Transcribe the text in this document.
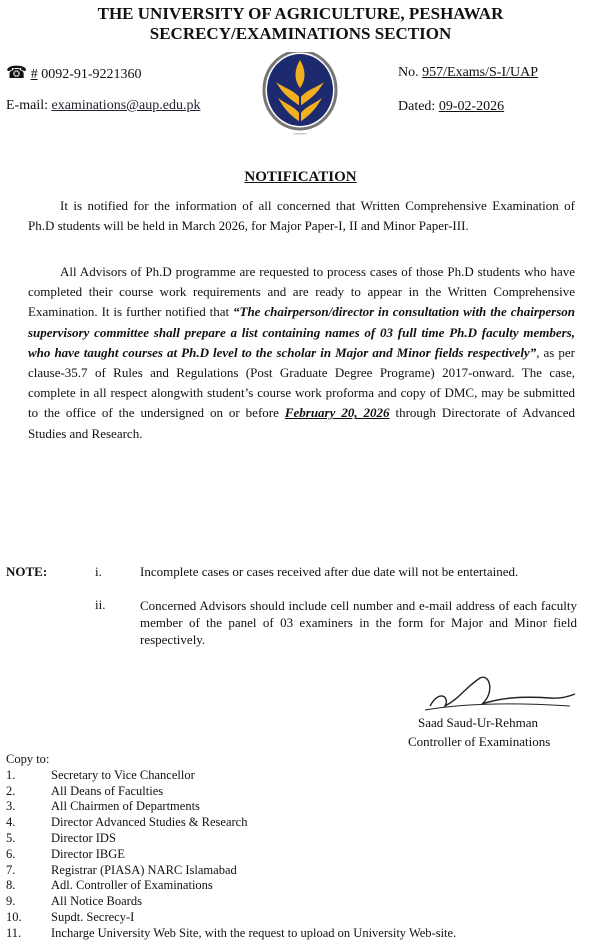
THE UNIVERSITY OF AGRICULTURE, PESHAWAR
SECRECY/EXAMINATIONS SECTION
☎ # 0092-91-9221360
E-mail: examinations@aup.edu.pk
~~~~
No. 957/Exams/S-I/UAP
Dated: 09-02-2026
NOTIFICATION
It is notified for the information of all concerned that Written Comprehensive Examination of Ph.D students will be held in March 2026, for Major Paper-I, II and Minor Paper-III.
All Advisors of Ph.D programme are requested to process cases of those Ph.D students who have completed their course work requirements and are ready to appear in the Written Comprehensive Examination. It is further notified that “The chairperson/director in consultation with the chairperson supervisory committee shall prepare a list containing names of 03 full time Ph.D faculty members, who have taught courses at Ph.D level to the scholar in Major and Minor fields respectively”, as per clause-35.7 of Rules and Regulations (Post Graduate Degree Programe) 2017-onward. The case, complete in all respect alongwith student’s course work proforma and copy of DMC, may be submitted to the office of the undersigned on or before February 20, 2026 through Directorate of Advanced Studies and Research.
NOTE:	i.	Incomplete cases or cases received after due date will not be entertained.
ii.	Concerned Advisors should include cell number and e-mail address of each faculty member of the panel of 03 examiners in the form for Major and Minor field respectively.
Saad Saud-Ur-Rehman
Controller of Examinations
Copy to:
1.	Secretary to Vice Chancellor
2.	All Deans of Faculties
3.	All Chairmen of Departments
4.	Director Advanced Studies & Research
5.	Director IDS
6.	Director IBGE
7.	Registrar (PIASA) NARC Islamabad
8.	Adl. Controller of Examinations
9.	All Notice Boards
10. Supdt. Secrecy-I
11. Incharge University Web Site, with the request to upload on University Web-site.
